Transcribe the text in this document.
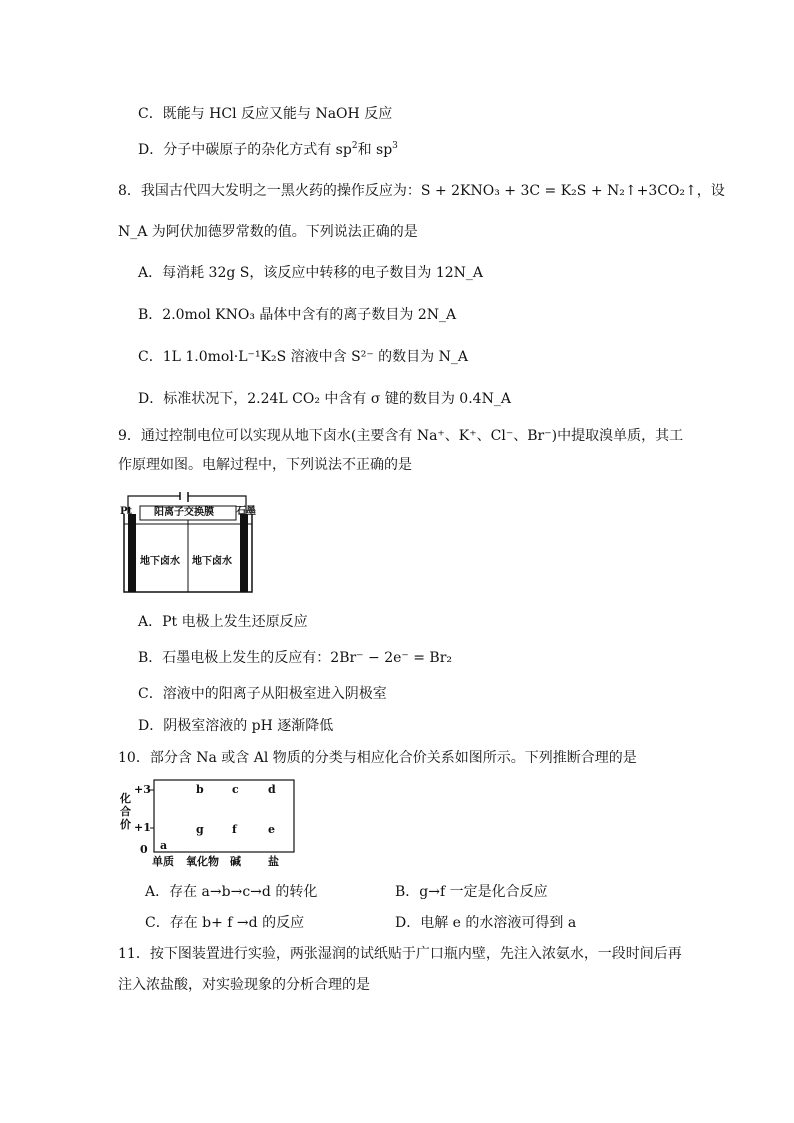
C．既能与 HCl 反应又能与 NaOH 反应
D．分子中碳原子的杂化方式有 $sp^2$和 $sp^3$
8．我国古代四大发明之一黑火药的操作反应为：S + 2KNO₃ + 3C = K₂S + N₂↑+3CO₂↑，设
N_A 为阿伏加德罗常数的值。下列说法正确的是
A．每消耗 32g S，该反应中转移的电子数目为 12N_A
B．2.0mol KNO₃ 晶体中含有的离子数目为 2N_A
C．1L 1.0mol·L⁻¹K₂S 溶液中含 S²⁻ 的数目为 N_A
D．标准状况下，2.24L CO₂ 中含有 σ 键的数目为 0.4N_A
9．通过控制电位可以实现从地下卤水(主要含有 Na⁺、K⁺、Cl⁻、Br⁻)中提取溴单质，其工
作原理如图。电解过程中，下列说法不正确的是
Pt	石墨
阳离子交换膜
地下卤水 地下卤水
A．Pt 电极上发生还原反应
B．石墨电极上发生的反应有：2Br⁻ − 2e⁻ = Br₂
C．溶液中的阳离子从阳极室进入阴极室
D．阴极室溶液的 pH 逐渐降低
10．部分含 Na 或含 Al 物质的分类与相应化合价关系如图所示。下列推断合理的是
化合价
+3
+1
0
b	c	d
g	f	e
a
单质 氧化物 碱 盐
A．存在 a→b→c→d 的转化	B．g→f 一定是化合反应
C．存在 b+ f →d 的反应	D．电解 e 的水溶液可得到 a
11．按下图装置进行实验，两张湿润的试纸贴于广口瓶内壁，先注入浓氨水，一段时间后再
注入浓盐酸，对实验现象的分析合理的是
